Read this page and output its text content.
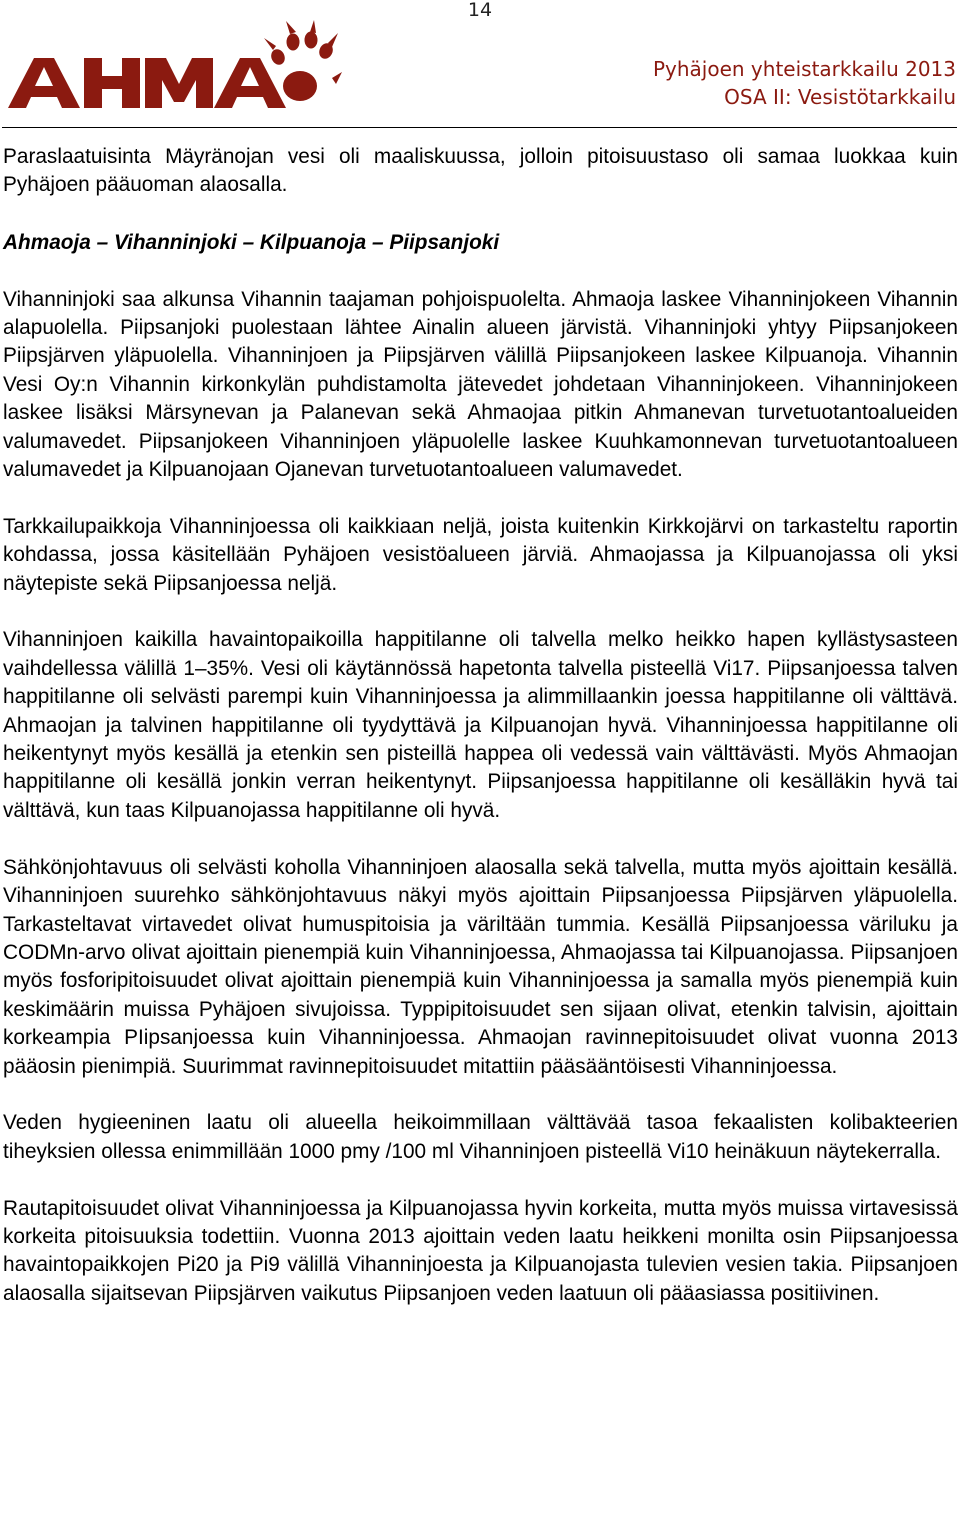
14
Pyhäjoen yhteistarkkailu 2013
OSA II: Vesistötarkkailu

Paraslaatuisinta Mäyränojan vesi oli maaliskuussa, jolloin pitoisuustaso oli samaa luokkaa kuin Pyhäjoen pääuoman alaosalla.

Ahmaoja – Vihanninjoki – Kilpuanoja – Piipsanjoki

Vihanninjoki saa alkunsa Vihannin taajaman pohjoispuolelta. Ahmaoja laskee Vihanninjokeen Vihannin alapuolella. Piipsanjoki puolestaan lähtee Ainalin alueen järvistä. Vihanninjoki yhtyy Piipsanjokeen Piipsjärven yläpuolella. Vihanninjoen ja Piipsjärven välillä Piipsanjokeen laskee Kilpuanoja. Vihannin Vesi Oy:n Vihannin kirkonkylän puhdistamolta jätevedet johdetaan Vihanninjokeen. Vihanninjokeen laskee lisäksi Märsynevan ja Palanevan sekä Ahmaojaa pitkin Ahmanevan turvetuotantoalueiden valumavedet. Piipsanjokeen Vihanninjoen yläpuolelle laskee Kuuhkamonnevan turvetuotantoalueen valumavedet ja Kilpuanojaan Ojanevan turvetuotantoalueen valumavedet.

Tarkkailupaikkoja Vihanninjoessa oli kaikkiaan neljä, joista kuitenkin Kirkkojärvi on tarkasteltu raportin kohdassa, jossa käsitellään Pyhäjoen vesistöalueen järviä. Ahmaojassa ja Kilpuanojassa oli yksi näytepiste sekä Piipsanjoessa neljä.

Vihanninjoen kaikilla havaintopaikoilla happitilanne oli talvella melko heikko hapen kyllästysasteen vaihdellessa välillä 1–35%. Vesi oli käytännössä hapetonta talvella pisteellä Vi17. Piipsanjoessa talven happitilanne oli selvästi parempi kuin Vihanninjoessa ja alimmillaankin joessa happitilanne oli välttävä. Ahmaojan ja talvinen happitilanne oli tyydyttävä ja Kilpuanojan hyvä. Vihanninjoessa happitilanne oli heikentynyt myös kesällä ja etenkin sen pisteillä happea oli vedessä vain välttävästi. Myös Ahmaojan happitilanne oli kesällä jonkin verran heikentynyt. Piipsanjoessa happitilanne oli kesälläkin hyvä tai välttävä, kun taas Kilpuanojassa happitilanne oli hyvä.

Sähkönjohtavuus oli selvästi koholla Vihanninjoen alaosalla sekä talvella, mutta myös ajoittain kesällä. Vihanninjoen suurehko sähkönjohtavuus näkyi myös ajoittain Piipsanjoessa Piipsjärven yläpuolella. Tarkasteltavat virtavedet olivat humuspitoisia ja väriltään tummia. Kesällä Piipsanjoessa väriluku ja CODMn-arvo olivat ajoittain pienempiä kuin Vihanninjoessa, Ahmaojassa tai Kilpuanojassa. Piipsanjoen myös fosforipitoisuudet olivat ajoittain pienempiä kuin Vihanninjoessa ja samalla myös pienempiä kuin keskimäärin muissa Pyhäjoen sivujoissa. Typpipitoisuudet sen sijaan olivat, etenkin talvisin, ajoittain korkeampia PIipsanjoessa kuin Vihanninjoessa. Ahmaojan ravinnepitoisuudet olivat vuonna 2013 pääosin pienimpiä. Suurimmat ravinnepitoisuudet mitattiin pääsääntöisesti Vihanninjoessa.

Veden hygieeninen laatu oli alueella heikoimmillaan välttävää tasoa fekaalisten kolibakteerien tiheyksien ollessa enimmillään 1000 pmy /100 ml Vihanninjoen pisteellä Vi10 heinäkuun näytekerralla.

Rautapitoisuudet olivat Vihanninjoessa ja Kilpuanojassa hyvin korkeita, mutta myös muissa virtavesissä korkeita pitoisuuksia todettiin. Vuonna 2013 ajoittain veden laatu heikkeni monilta osin Piipsanjoessa havaintopaikkojen Pi20 ja Pi9 välillä Vihanninjoesta ja Kilpuanojasta tulevien vesien takia. Piipsanjoen alaosalla sijaitsevan Piipsjärven vaikutus Piipsanjoen veden laatuun oli pääasiassa positiivinen.
